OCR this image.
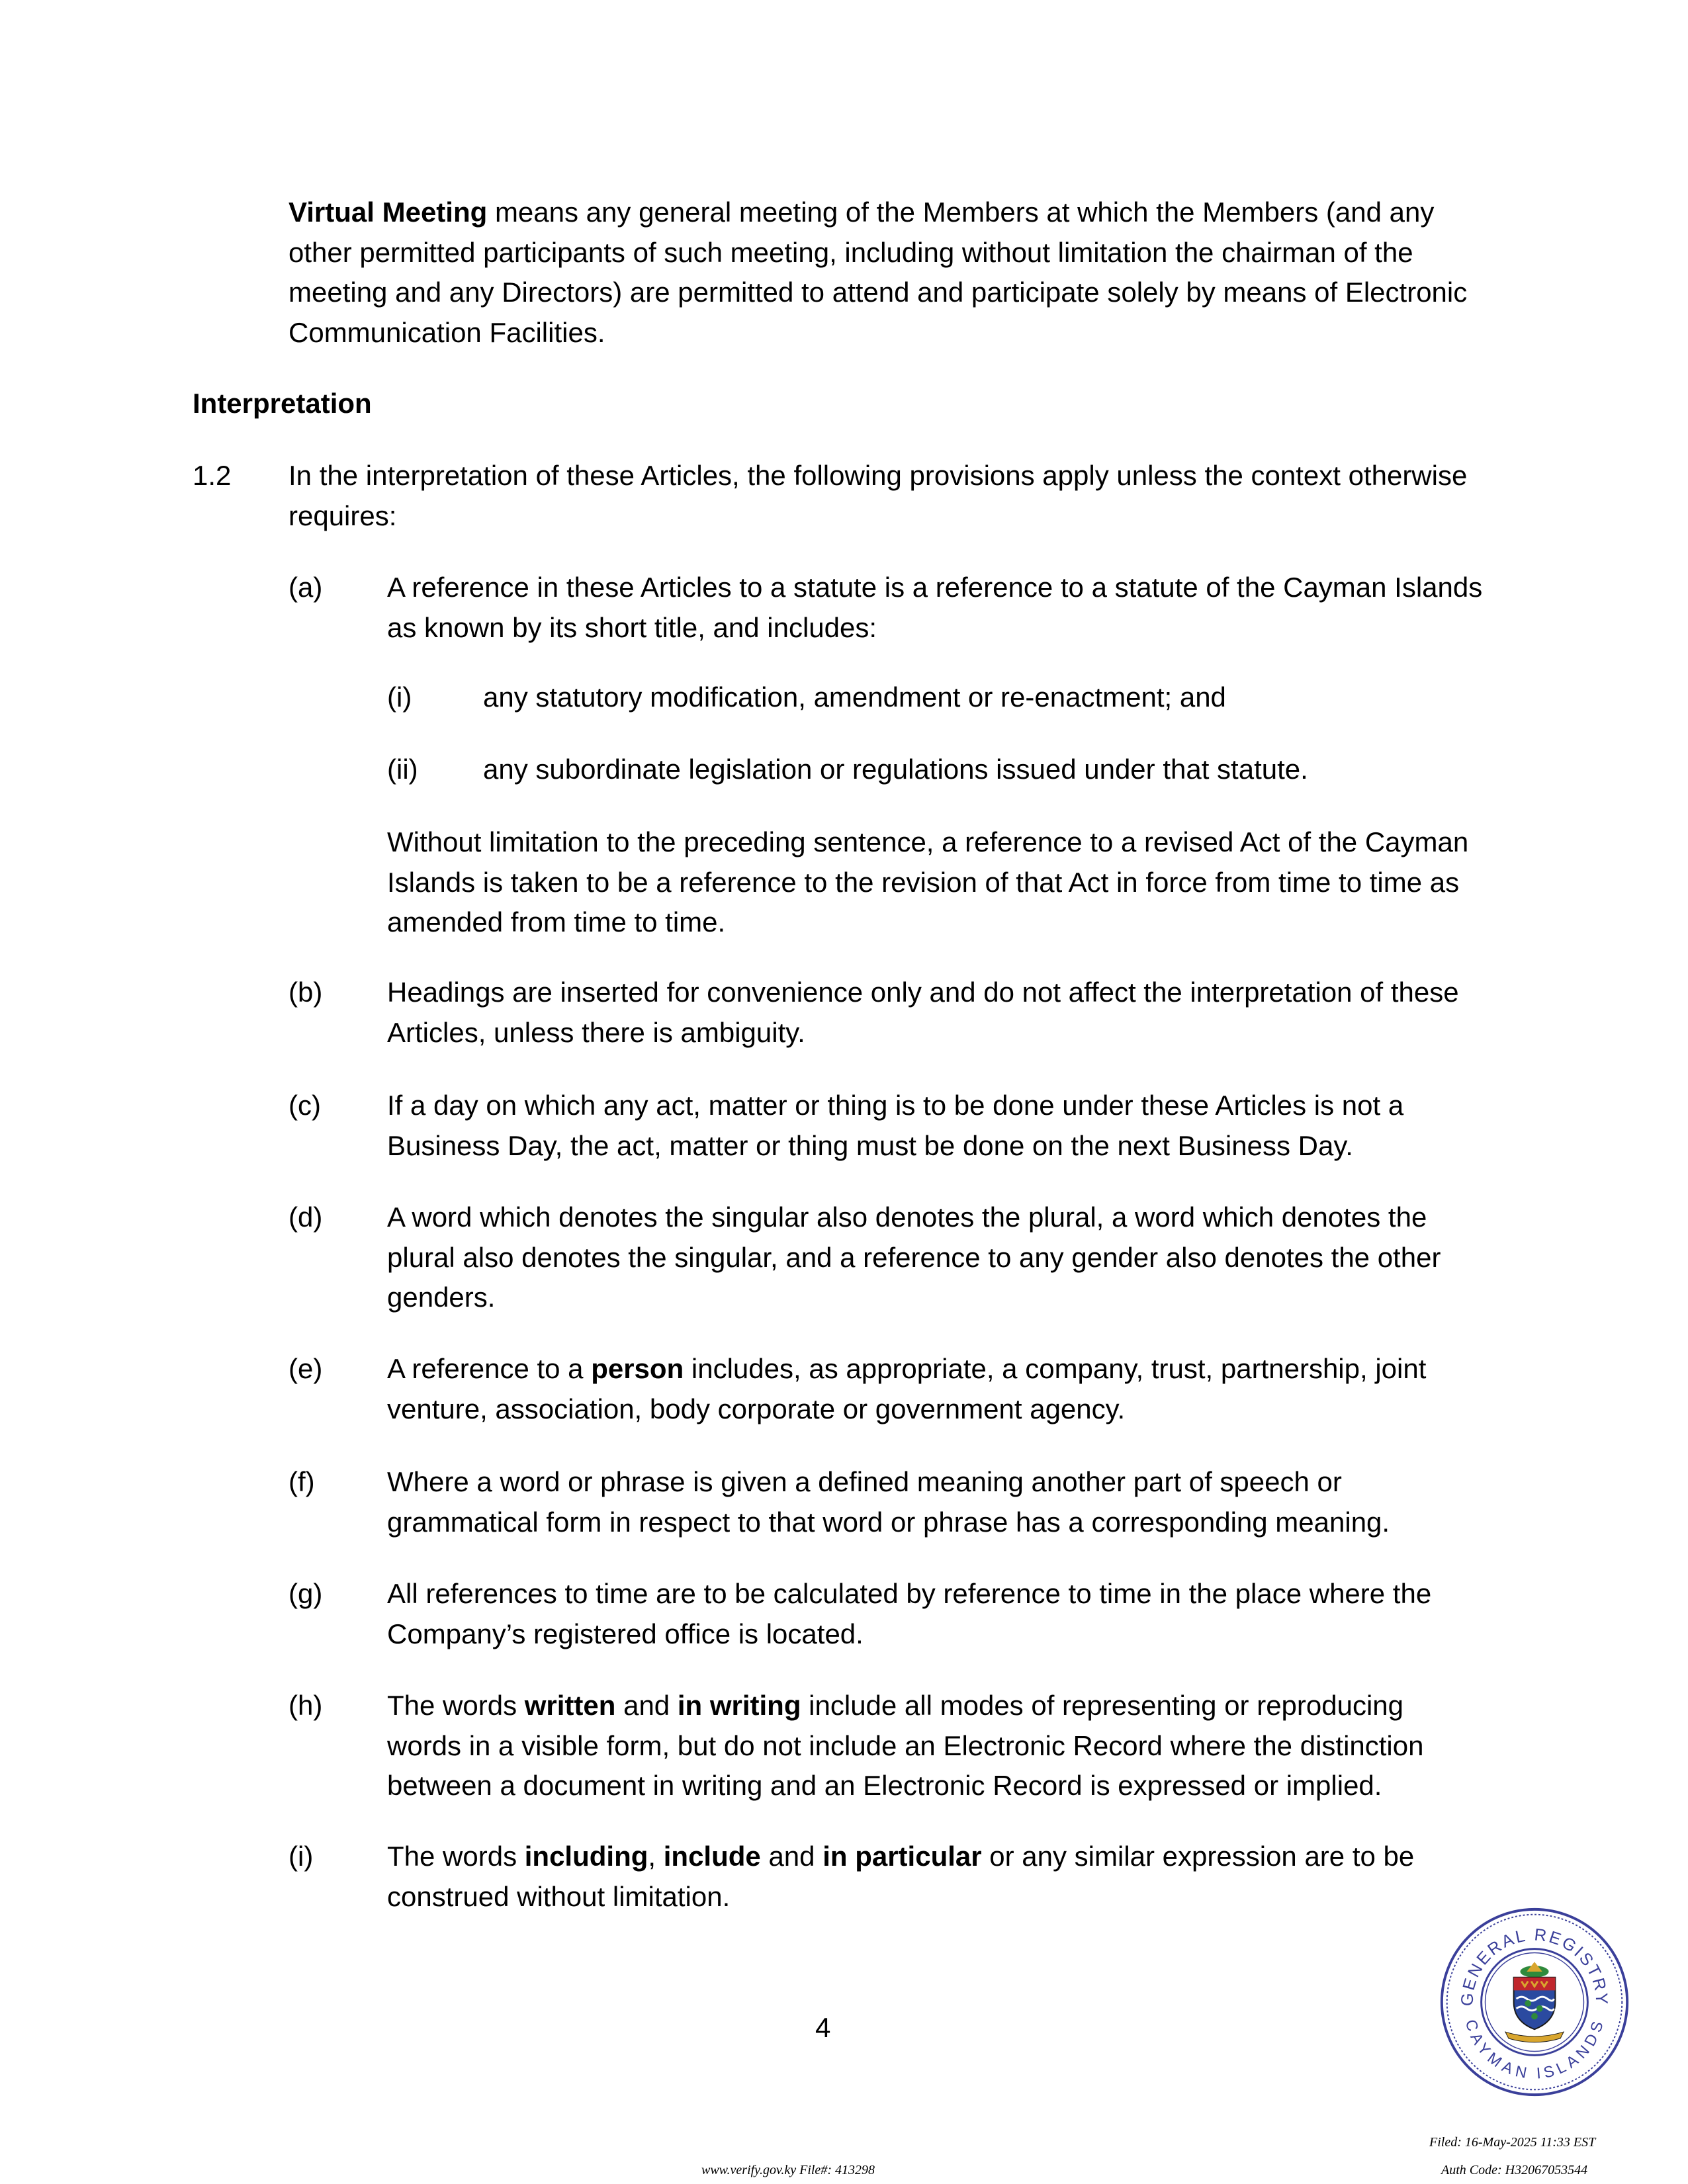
Virtual Meeting means any general meeting of the Members at which the Members (and any other permitted participants of such meeting, including without limitation the chairman of the meeting and any Directors) are permitted to attend and participate solely by means of Electronic Communication Facilities.
Interpretation
1.2 In the interpretation of these Articles, the following provisions apply unless the context otherwise requires:
(a) A reference in these Articles to a statute is a reference to a statute of the Cayman Islands as known by its short title, and includes:
(i)	any statutory modification, amendment or re-enactment; and
(ii) any subordinate legislation or regulations issued under that statute.
Without limitation to the preceding sentence, a reference to a revised Act of the Cayman Islands is taken to be a reference to the revision of that Act in force from time to time as amended from time to time.
(b) Headings are inserted for convenience only and do not affect the interpretation of these Articles, unless there is ambiguity.
(c) If a day on which any act, matter or thing is to be done under these Articles is not a Business Day, the act, matter or thing must be done on the next Business Day.
(d) A word which denotes the singular also denotes the plural, a word which denotes the plural also denotes the singular, and a reference to any gender also denotes the other genders.
(e) A reference to a person includes, as appropriate, a company, trust, partnership, joint venture, association, body corporate or government agency.
(f)	Where a word or phrase is given a defined meaning another part of speech or grammatical form in respect to that word or phrase has a corresponding meaning.
(g) All references to time are to be calculated by reference to time in the place where the Company’s registered office is located.
(h) The words written and in writing include all modes of representing or reproducing words in a visible form, but do not include an Electronic Record where the distinction between a document in writing and an Electronic Record is expressed or implied.
(i)	The words including, include and in particular or any similar expression are to be construed without limitation.
4
GENERAL REGISTRY
CAYMAN ISLANDS
www.verify.gov.ky File#: 413298
Filed: 16-May-2025 11:33 EST
Auth Code: H32067053544
